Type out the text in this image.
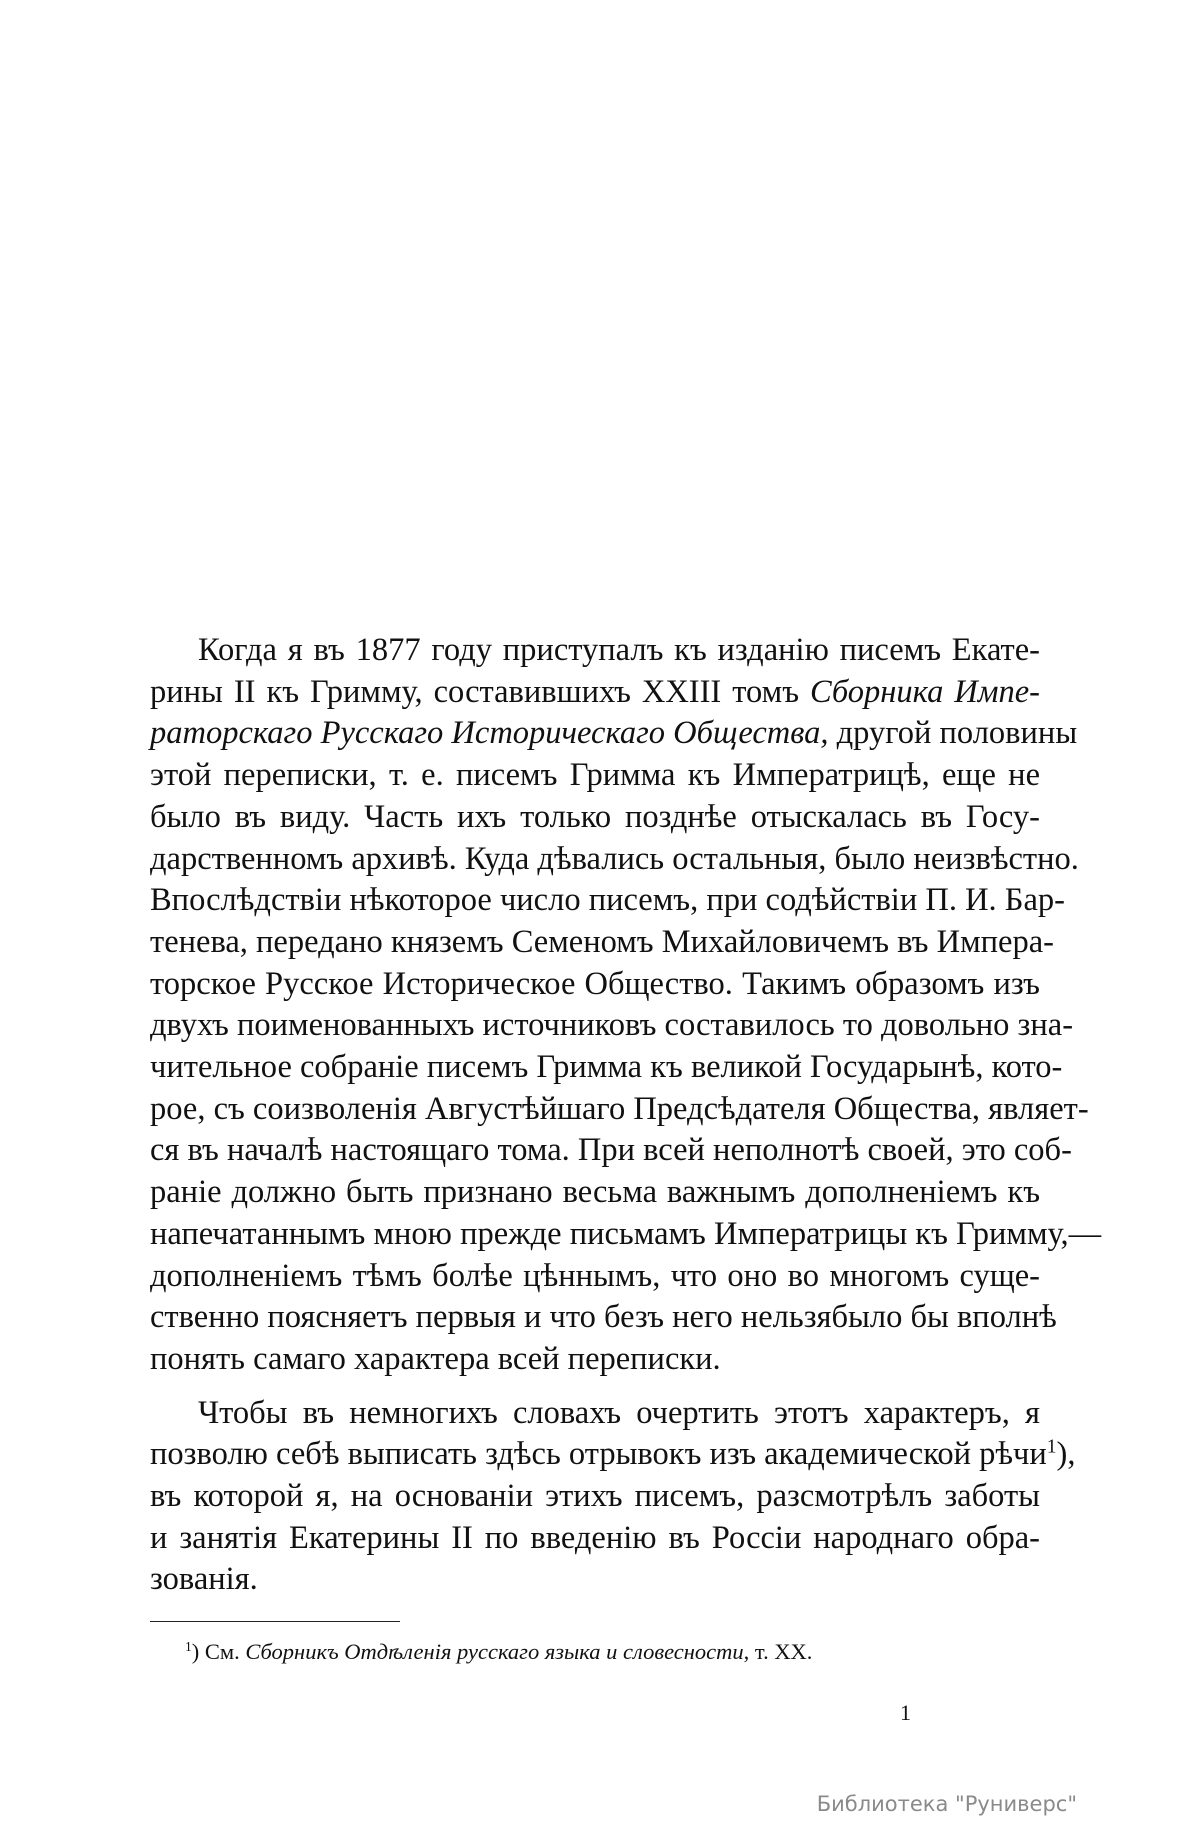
Когда я въ 1877 году приступалъ къ изданію писемъ Екате-
рины II къ Гримму, составившихъ XXIII томъ Сборника Импе-
раторскаго Русскаго Историческаго Общества, другой половины
этой переписки, т. е. писемъ Гримма къ Императрицѣ, еще не
было въ виду. Часть ихъ только позднѣе отыскалась въ Госу-
дарственномъ архивѣ. Куда дѣвались остальныя, было неизвѣстно.
Впослѣдствіи нѣкоторое число писемъ, при содѣйствіи П. И. Бар-
тенева, передано княземъ Семеномъ Михайловичемъ въ Импера-
торское Русское Историческое Общество. Такимъ образомъ изъ
двухъ поименованныхъ источниковъ составилось то довольно зна-
чительное собраніе писемъ Гримма къ великой Государынѣ, кото-
рое, съ соизволенія Августѣйшаго Предсѣдателя Общества, являет-
ся въ началѣ настоящаго тома. При всей неполнотѣ своей, это соб-
раніе должно быть признано весьма важнымъ дополненіемъ къ
напечатаннымъ мною прежде письмамъ Императрицы къ Гримму,—
дополненіемъ тѣмъ болѣе цѣннымъ, что оно во многомъ суще-
ственно поясняетъ первыя и что безъ него нельзябыло бы вполнѣ
понять самаго характера всей переписки.

Чтобы въ немногихъ словахъ очертить этотъ характеръ, я
позволю себѣ выписать здѣсь отрывокъ изъ академической рѣчи$^1$),
въ которой я, на основаніи этихъ писемъ, разсмотрѣлъ заботы
и занятія Екатерины II по введенію въ Россіи народнаго обра-
зованія.

$^1$) См. Сборникъ Отдѣленія русскаго языка и словесности, т. XX.
1
Библиотека "Руниверс"
